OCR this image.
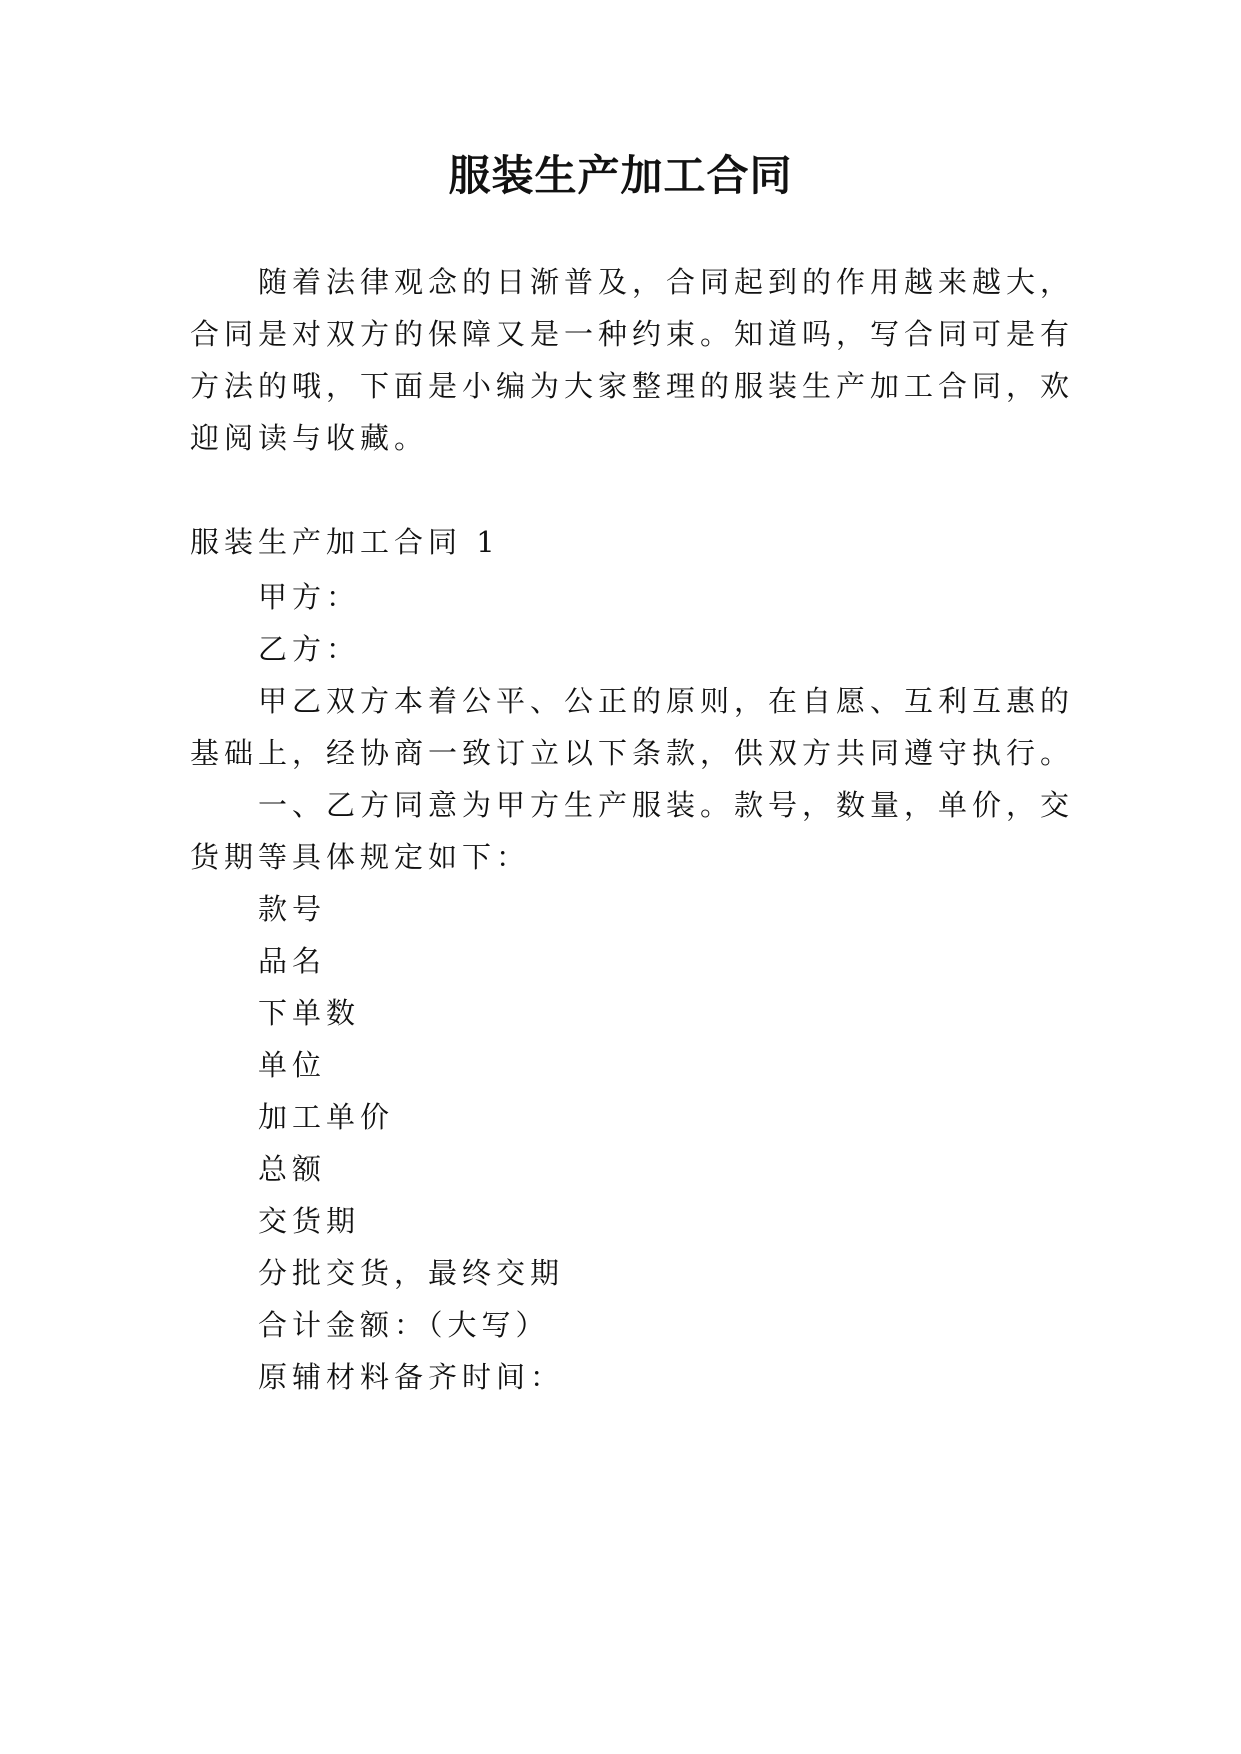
服装生产加工合同
随着法律观念的日渐普及，合同起到的作用越来越大，
合同是对双方的保障又是一种约束。知道吗，写合同可是有
方法的哦，下面是小编为大家整理的服装生产加工合同，欢
迎阅读与收藏。
服装生产加工合同 1
甲方：
乙方：
甲乙双方本着公平、公正的原则，在自愿、互利互惠的
基础上，经协商一致订立以下条款，供双方共同遵守执行。
一、乙方同意为甲方生产服装。款号，数量，单价，交
货期等具体规定如下：
款号
品名
下单数
单位
加工单价
总额
交货期
分批交货，最终交期
合计金额：（大写）
原辅材料备齐时间：
